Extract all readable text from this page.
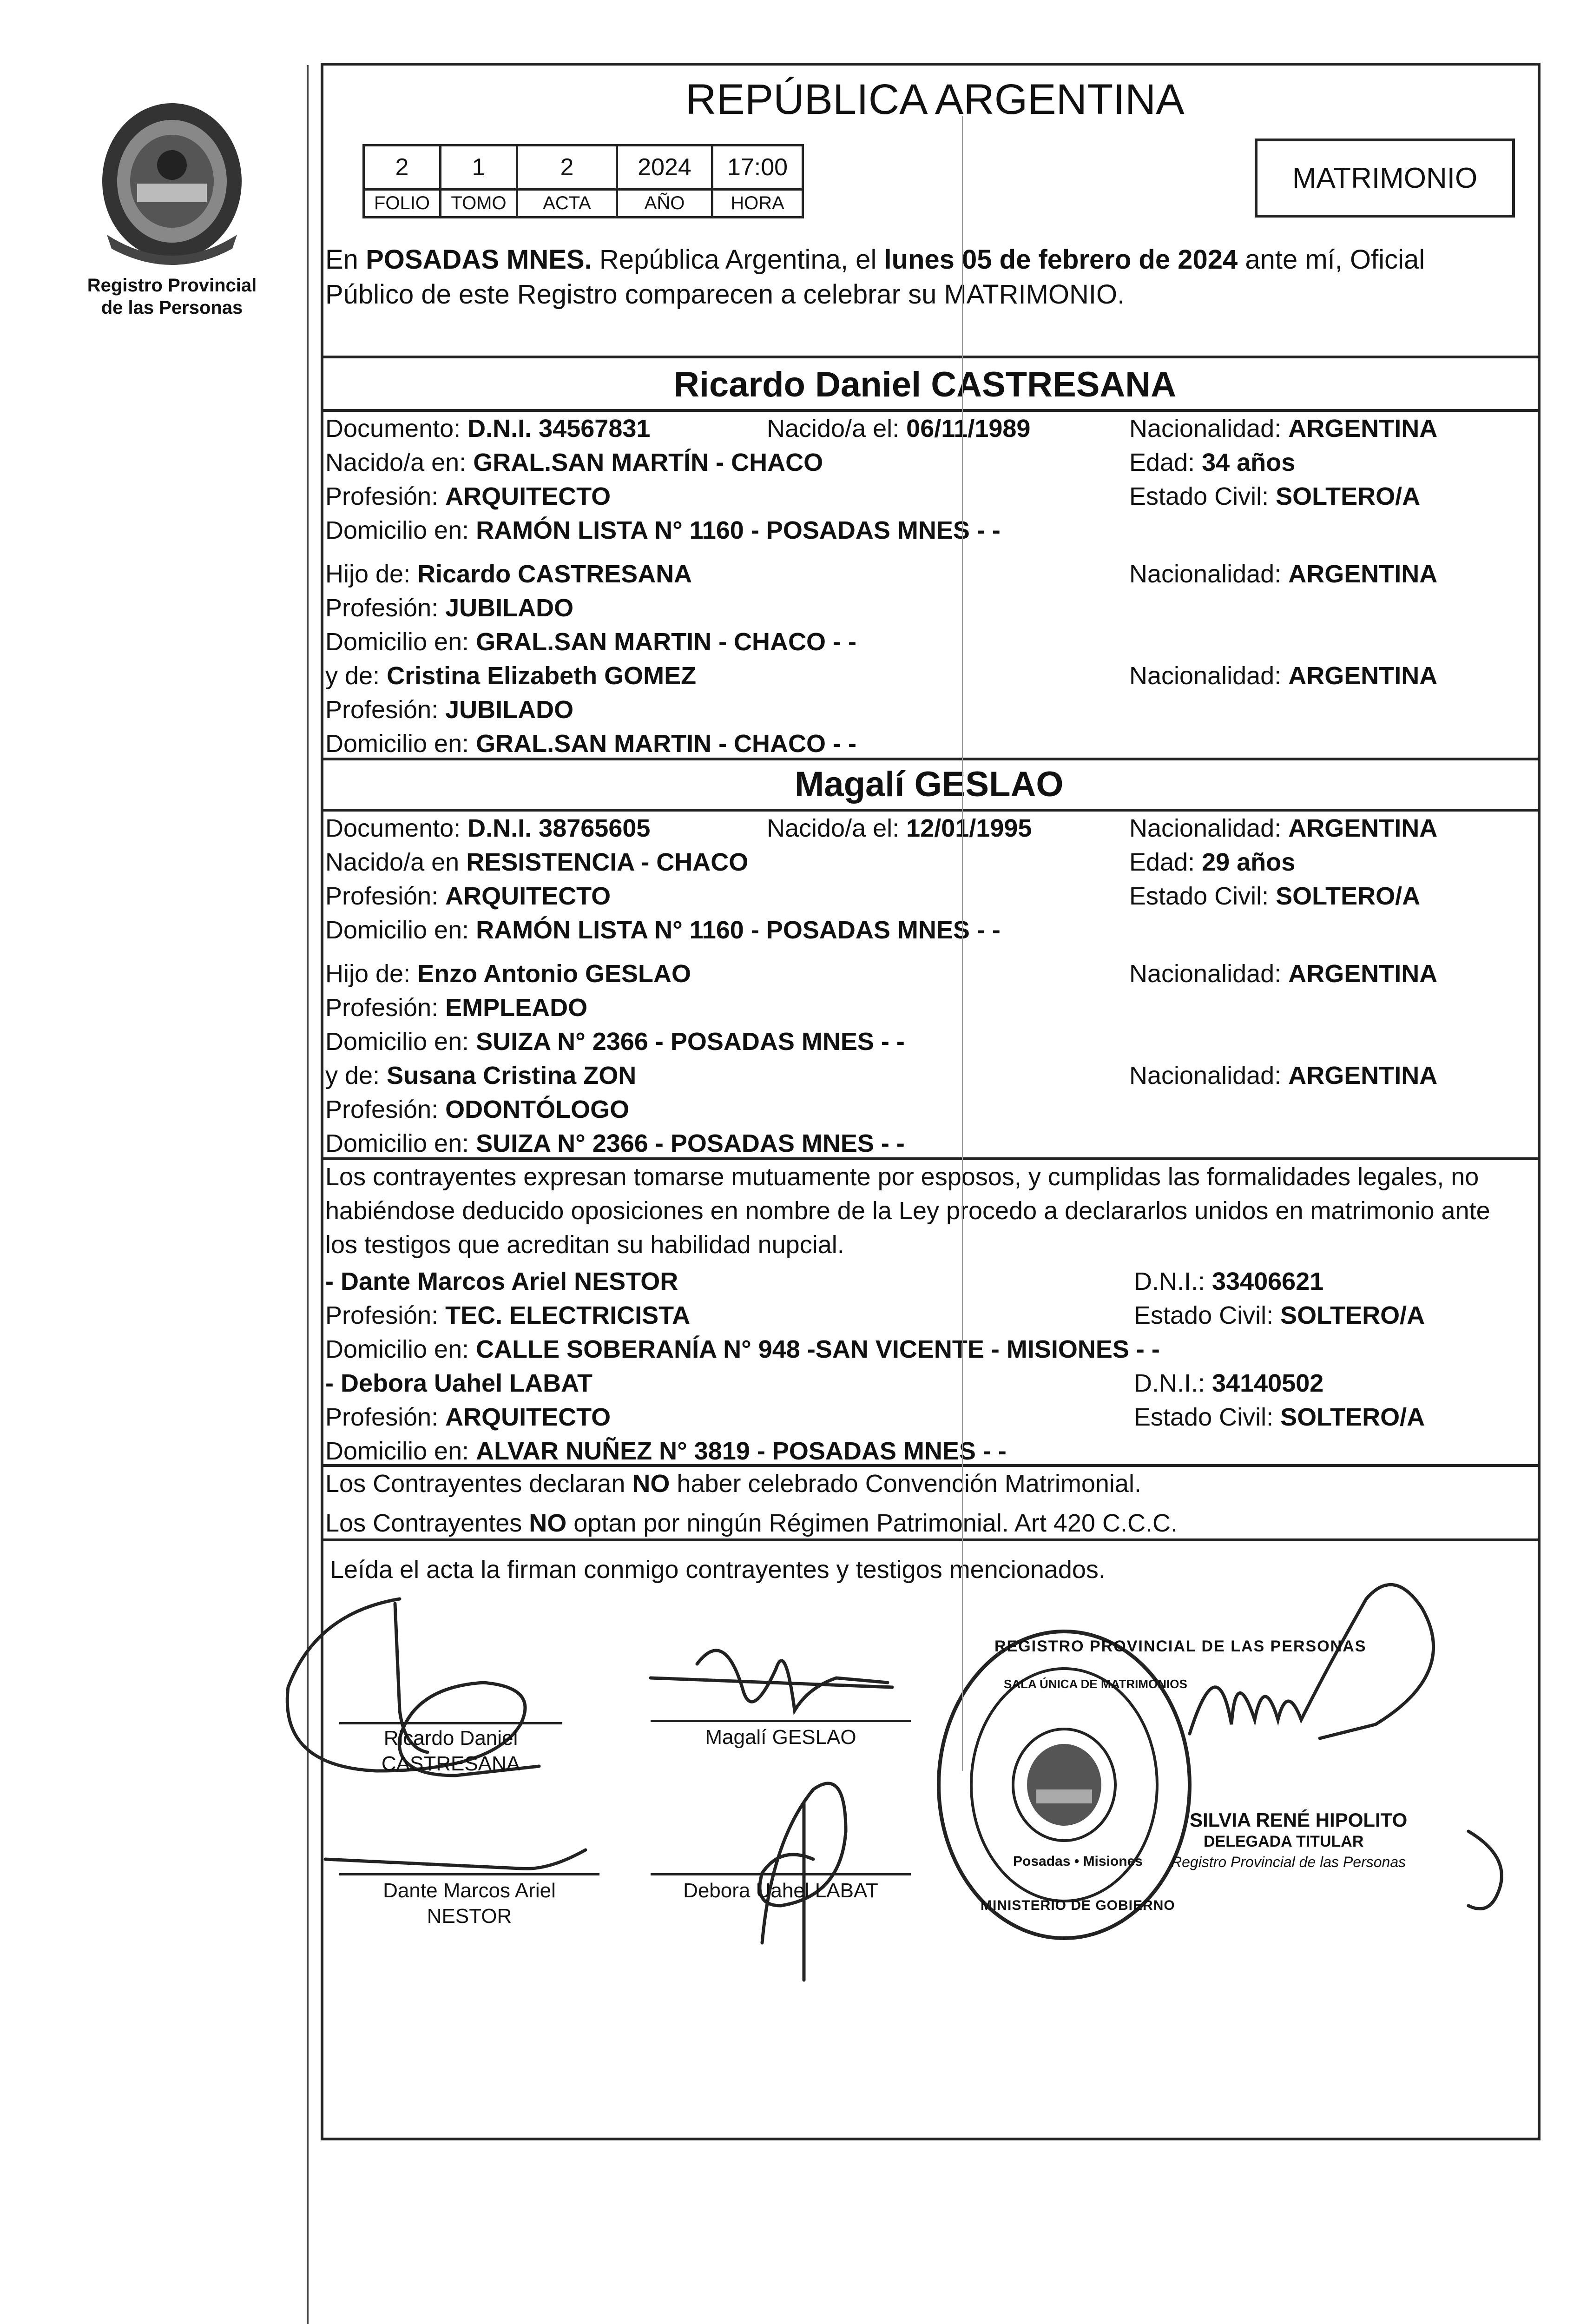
Registro Provincial
de las Personas
REPÚBLICA ARGENTINA
2	1	2	2024	17:00
FOLIO	TOMO	ACTA	AÑO	HORA
MATRIMONIO
En POSADAS MNES. República Argentina, el lunes 05 de febrero de 2024 ante mí, Oficial
Público de este Registro comparecen a celebrar su MATRIMONIO.
Ricardo Daniel CASTRESANA
Documento: D.N.I. 34567831	Nacido/a el: 06/11/1989	Nacionalidad: ARGENTINA
Nacido/a en: GRAL.SAN MARTÍN - CHACO	Edad: 34 años
Profesión: ARQUITECTO	Estado Civil: SOLTERO/A
Domicilio en: RAMÓN LISTA N° 1160 - POSADAS MNES - -
Hijo de: Ricardo CASTRESANA	Nacionalidad: ARGENTINA
Profesión: JUBILADO
Domicilio en: GRAL.SAN MARTIN - CHACO - -
y de: Cristina Elizabeth GOMEZ	Nacionalidad: ARGENTINA
Profesión: JUBILADO
Domicilio en: GRAL.SAN MARTIN - CHACO - -
Magalí GESLAO
Documento: D.N.I. 38765605	Nacido/a el: 12/01/1995	Nacionalidad: ARGENTINA
Nacido/a en RESISTENCIA - CHACO	Edad: 29 años
Profesión: ARQUITECTO	Estado Civil: SOLTERO/A
Domicilio en: RAMÓN LISTA N° 1160 - POSADAS MNES - -
Hijo de: Enzo Antonio GESLAO	Nacionalidad: ARGENTINA
Profesión: EMPLEADO
Domicilio en: SUIZA N° 2366 - POSADAS MNES - -
y de: Susana Cristina ZON	Nacionalidad: ARGENTINA
Profesión: ODONTÓLOGO
Domicilio en: SUIZA N° 2366 - POSADAS MNES - -
Los contrayentes expresan tomarse mutuamente por esposos, y cumplidas las formalidades legales, no
habiéndose deducido oposiciones en nombre de la Ley procedo a declararlos unidos en matrimonio ante
los testigos que acreditan su habilidad nupcial.
- Dante Marcos Ariel NESTOR	D.N.I.: 33406621
Profesión: TEC. ELECTRICISTA	Estado Civil: SOLTERO/A
Domicilio en: CALLE SOBERANÍA N° 948 -SAN VICENTE - MISIONES - -
- Debora Uahel LABAT	D.N.I.: 34140502
Profesión: ARQUITECTO	Estado Civil: SOLTERO/A
Domicilio en: ALVAR NUÑEZ N° 3819 - POSADAS MNES - -
Los Contrayentes declaran NO haber celebrado Convención Matrimonial.
Los Contrayentes NO optan por ningún Régimen Patrimonial. Art 420 C.C.C.
Leída el acta la firman conmigo contrayentes y testigos mencionados.
Ricardo Daniel
CASTRESANA
Magalí GESLAO
Dante Marcos Ariel
NESTOR
Debora Uahel LABAT
REGISTRO PROVINCIAL DE LAS PERSONAS
SALA ÚNICA DE MATRIMONIOS
Posadas • Misiones
MINISTERIO DE GOBIERNO
SILVIA RENÉ HIPOLITO
DELEGADA TITULAR
Registro Provincial de las Personas
